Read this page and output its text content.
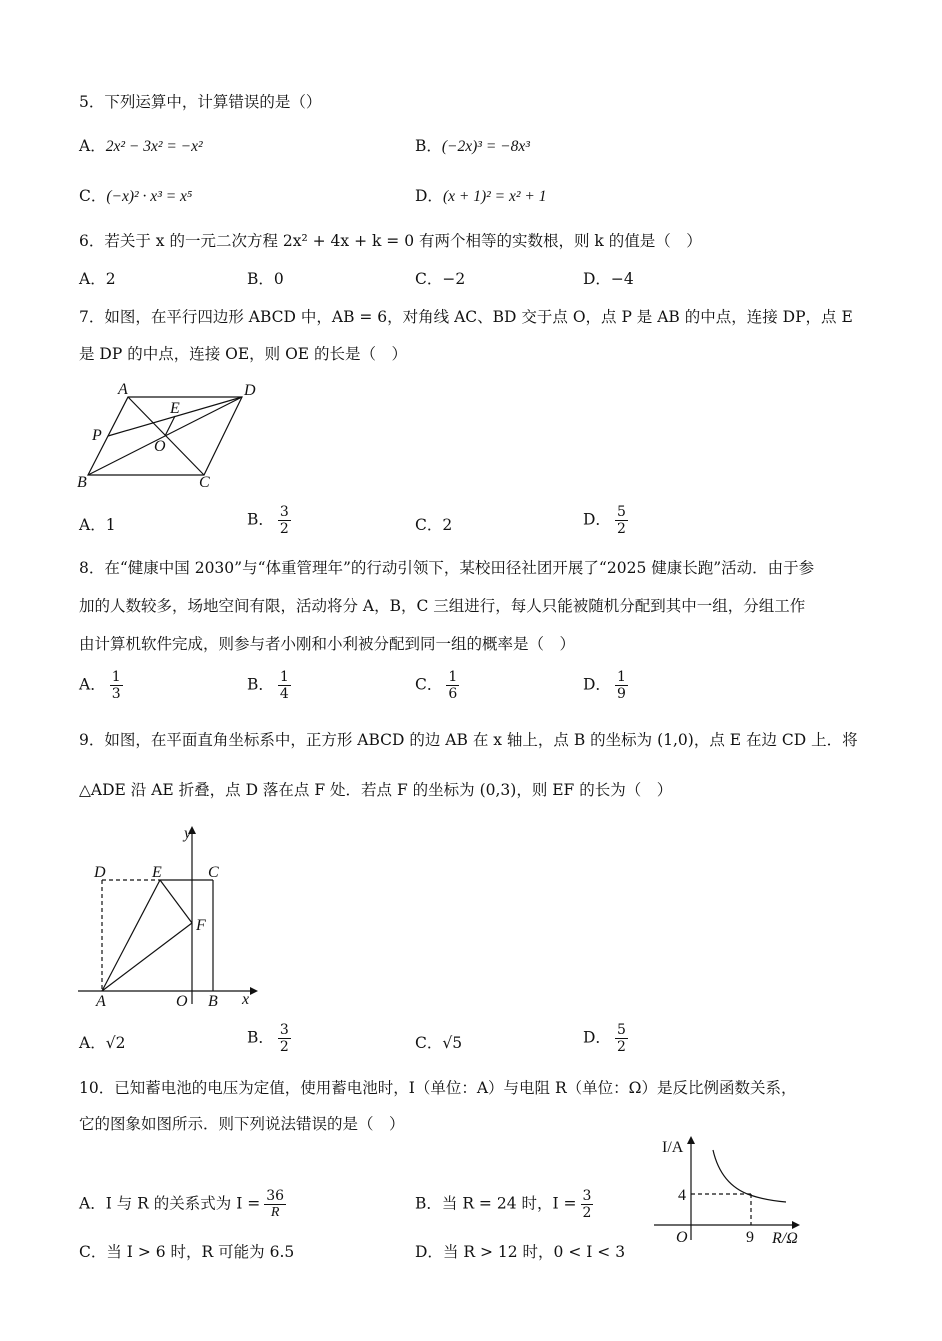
5．下列运算中，计算错误的是（）
A．2x² − 3x² = −x²	B．(−2x)³ = −8x³
C．(−x)² · x³ = x⁵	D．(x + 1)² = x² + 1
6．若关于 x 的一元二次方程 2x² + 4x + k = 0 有两个相等的实数根，则 k 的值是（　）
A．2	B．0	C．−2	D．−4
7．如图，在平行四边形 ABCD 中，AB = 6，对角线 AC、BD 交于点 O，点 P 是 AB 的中点，连接 DP，点 E
是 DP 的中点，连接 OE，则 OE 的长是（　）
A	D
E
P
O
B	C
A．1	B． $\frac{3}{2}$	C．2	D． $\frac{5}{2}$
8．在“健康中国 2030”与“体重管理年”的行动引领下，某校田径社团开展了“2025 健康长跑”活动．由于参
加的人数较多，场地空间有限，活动将分 A，B，C 三组进行，每人只能被随机分配到其中一组，分组工作
由计算机软件完成，则参与者小刚和小利被分配到同一组的概率是（　）
A． $\frac{1}{3}$	B． $\frac{1}{4}$	C． $\frac{1}{6}$	D． $\frac{1}{9}$
9．如图，在平面直角坐标系中，正方形 ABCD 的边 AB 在 x 轴上，点 B 的坐标为 (1,0)，点 E 在边 CD 上．将
△ADE 沿 AE 折叠，点 D 落在点 F 处．若点 F 的坐标为 (0,3)，则 EF 的长为（　）
y
D	E	C
F
A	O B x
A．√2	B． $\frac{3}{2}$	C．√5	D． $\frac{5}{2}$
10．已知蓄电池的电压为定值，使用蓄电池时，I（单位：A）与电阻 R（单位：Ω）是反比例函数关系，
它的图象如图所示．则下列说法错误的是（　）
I/A
4
O	9 R/Ω
A．I 与 R 的关系式为 $I = \frac{36}{R}$	B．当 R = 24 时，$I = \frac{3}{2}$
C．当 I > 6 时，R 可能为 6.5	D．当 R > 12 时，0 < I < 3
